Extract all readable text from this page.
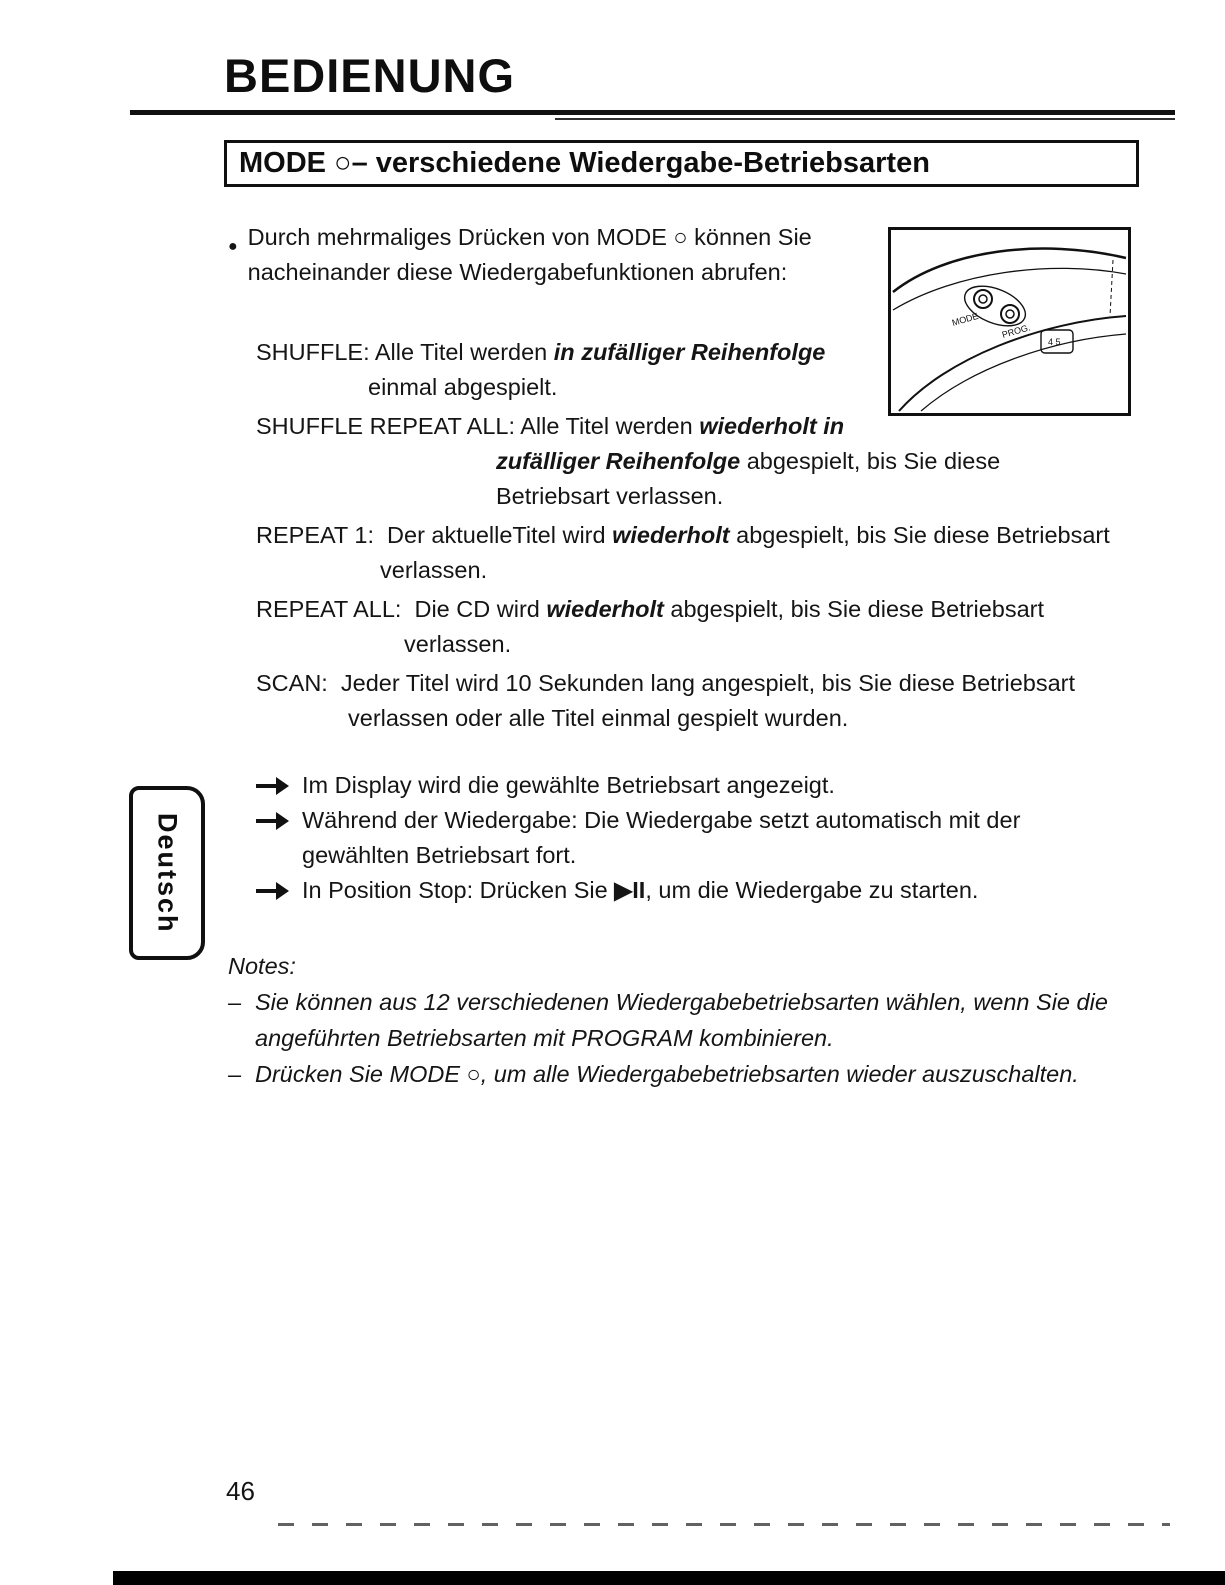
BEDIENUNG
MODE ○– verschiedene Wiedergabe-Betriebsarten
● Durch mehrmaliges Drücken von MODE ○ können Sie
nacheinander diese Wiedergabefunktionen abrufen:
MODE
PROG.
4 5
SHUFFLE: Alle Titel werden in zufälliger Reihenfolge
einmal abgespielt.
SHUFFLE REPEAT ALL: Alle Titel werden wiederholt in
zufälliger Reihenfolge abgespielt, bis Sie diese
Betriebsart verlassen.
REPEAT 1:  Der aktuelleTitel wird wiederholt abgespielt, bis Sie diese Betriebsart
verlassen.
REPEAT ALL:  Die CD wird wiederholt abgespielt, bis Sie diese Betriebsart
verlassen.
SCAN:  Jeder Titel wird 10 Sekunden lang angespielt, bis Sie diese Betriebsart
verlassen oder alle Titel einmal gespielt wurden.
Im Display wird die gewählte Betriebsart angezeigt.
Während der Wiedergabe: Die Wiedergabe setzt automatisch mit der
gewählten Betriebsart fort.
In Position Stop: Drücken Sie ▶II, um die Wiedergabe zu starten.
Notes:
– Sie können aus 12 verschiedenen Wiedergabebetriebsarten wählen, wenn Sie die
angeführten Betriebsarten mit PROGRAM kombinieren.
– Drücken Sie MODE ○, um alle Wiedergabebetriebsarten wieder auszuschalten.
Deutsch
46
